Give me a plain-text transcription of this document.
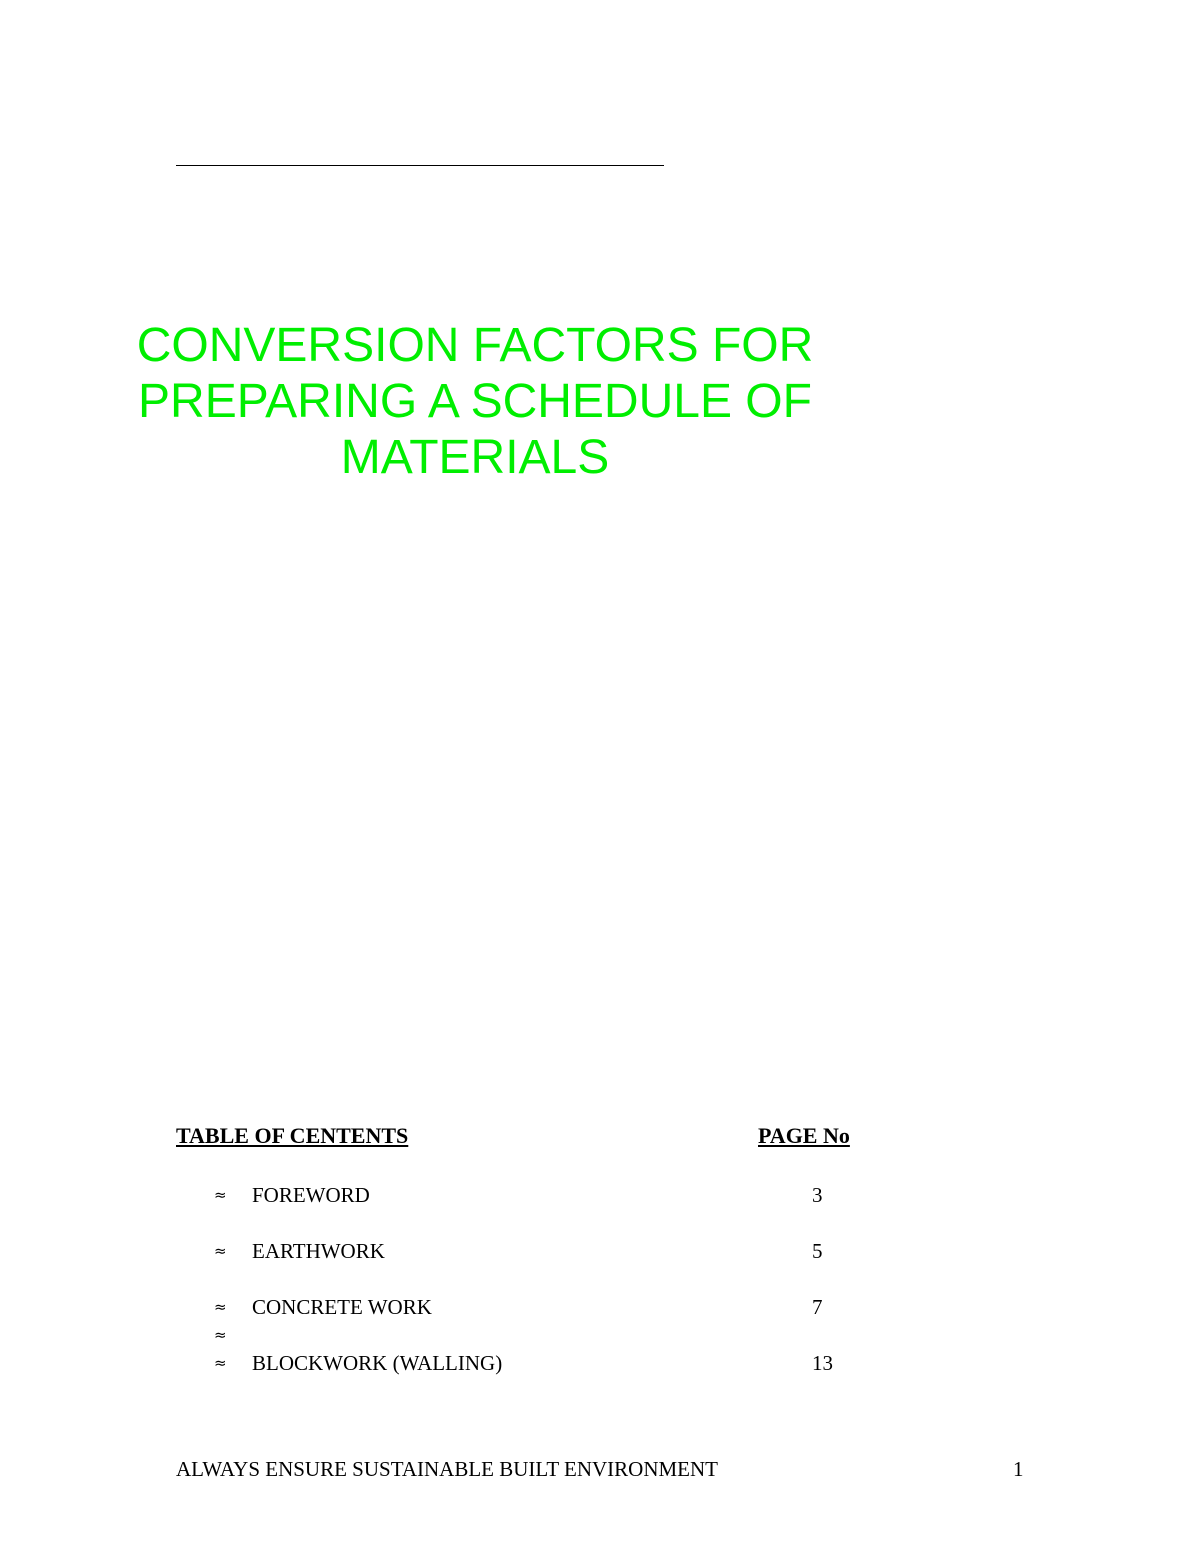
CONVERSION FACTORS FOR
PREPARING A SCHEDULE OF
MATERIALS
TABLE OF CENTENTS	PAGE No
≈ FOREWORD	3
≈ EARTHWORK	5
≈ CONCRETE WORK	7
≈
≈ BLOCKWORK (WALLING)	13
ALWAYS ENSURE SUSTAINABLE BUILT ENVIRONMENT	1
